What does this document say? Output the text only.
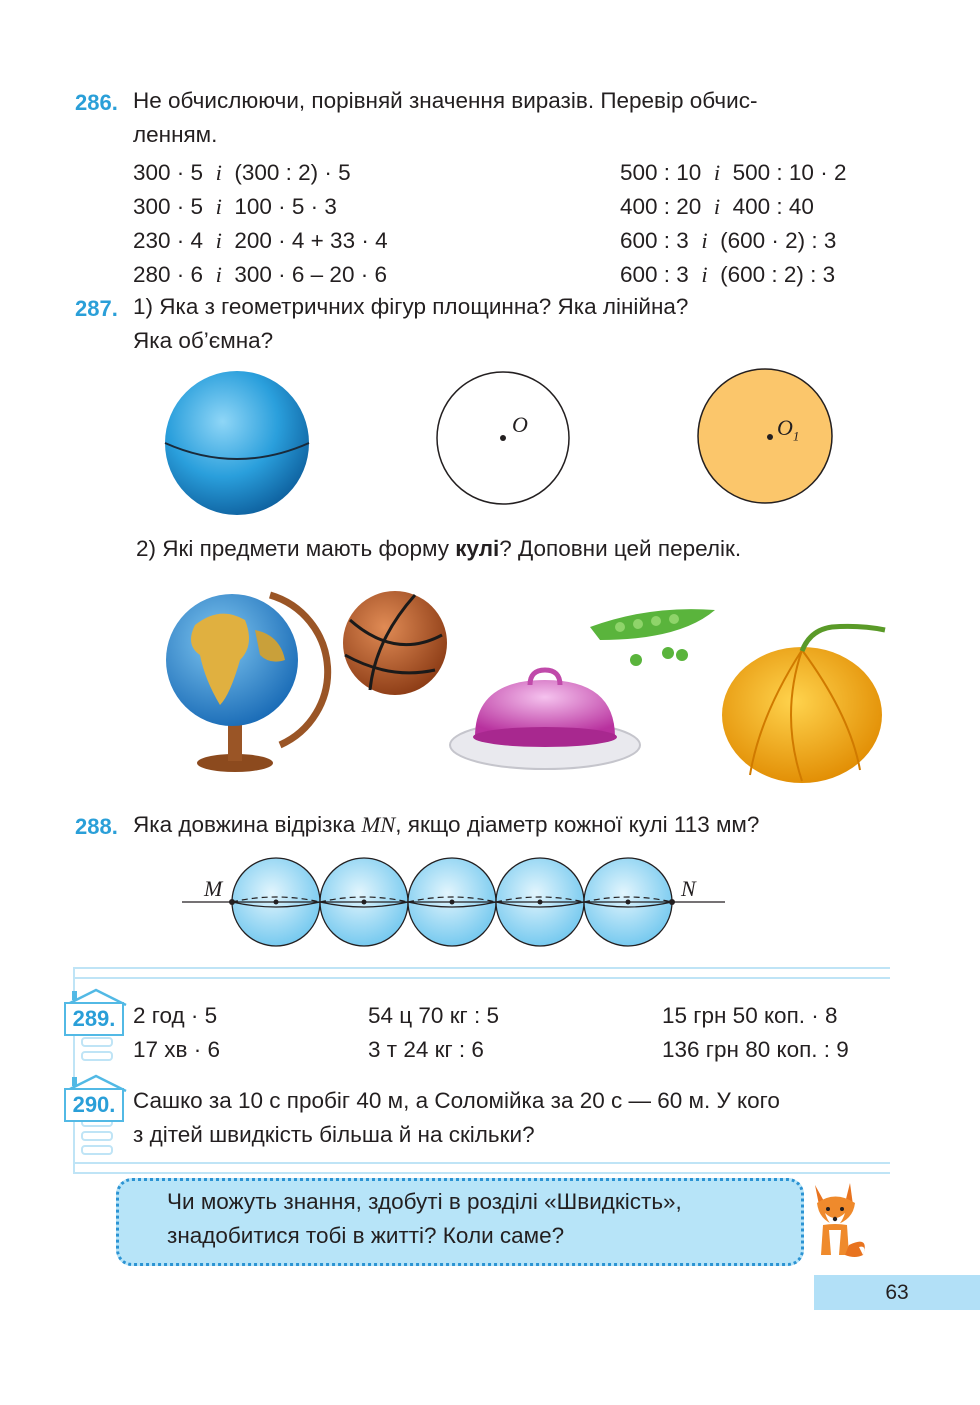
286. Не обчислюючи, порівняй значення виразів. Перевір обчис-
ленням.
300 · 5 і (300 : 2) · 5
300 · 5 і 100 · 5 · 3
230 · 4 і 200 · 4 + 33 · 4
280 · 6 і 300 · 6 – 20 · 6
500 : 10 і 500 : 10 · 2
400 : 20 і 400 : 40
600 : 3 і (600 · 2) : 3
600 : 3 і (600 : 2) : 3
287. 1) Яка з геометричних фігур площинна? Яка лінійна?
Яка об’ємна?
O	$O_1$
2) Які предмети мають форму кулі? Доповни цей перелік.
288. Яка довжина відрізка MN, якщо діаметр кожної кулі 113 мм?
M	N
289. 2 год · 5
17 хв · 6
54 ц 70 кг : 5
3 т 24 кг : 6
15 грн 50 коп. · 8
136 грн 80 коп. : 9
290. Сашко за 10 с пробіг 40 м, а Соломійка за 20 с — 60 м. У кого
з дітей швидкість більша й на скільки?
Чи можуть знання, здобуті в розділі «Швидкість»,
знадобитися тобі в житті? Коли саме?
63
